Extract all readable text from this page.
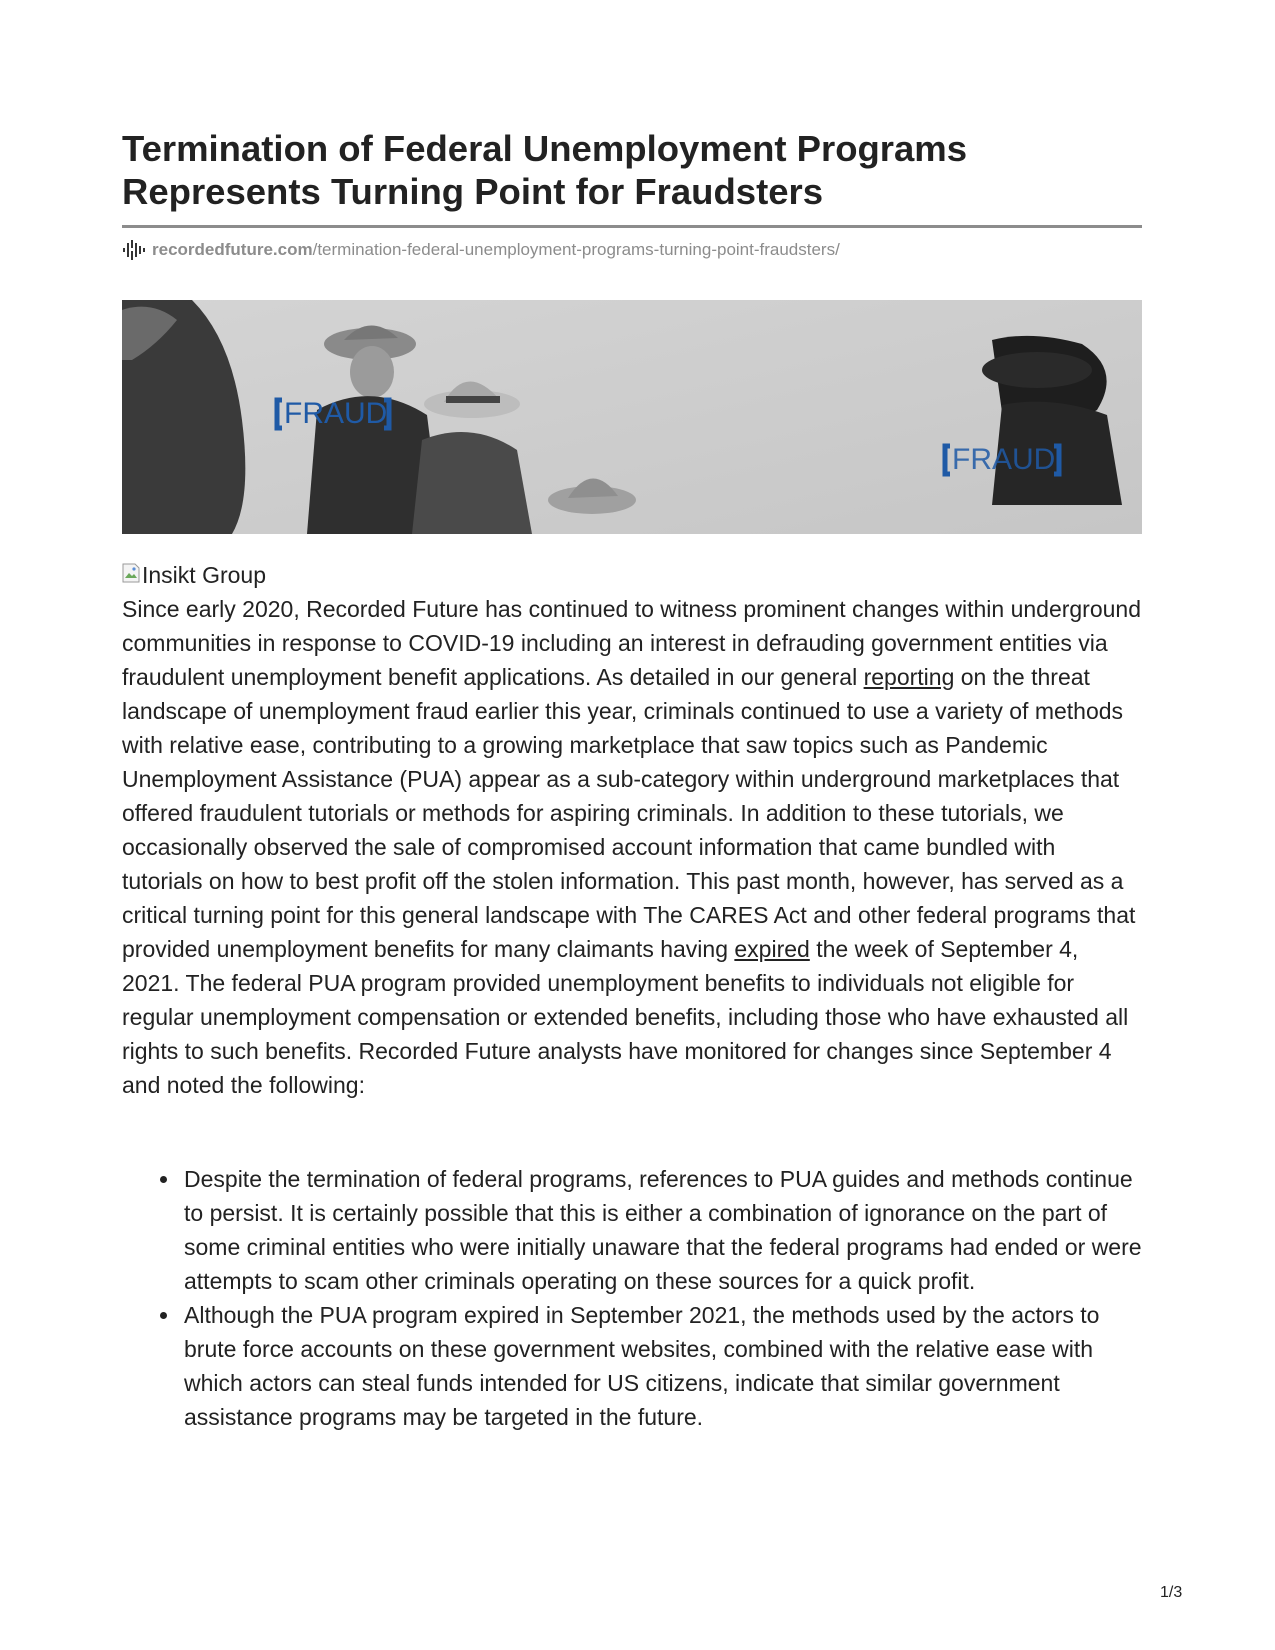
Termination of Federal Unemployment Programs Represents Turning Point for Fraudsters
recordedfuture.com /termination-federal-unemployment-programs-turning-point-fraudsters/
FRAUD
FRAUD
Insikt Group

Since early 2020, Recorded Future has continued to witness prominent changes within underground communities in response to COVID-19 including an interest in defrauding government entities via fraudulent unemployment benefit applications. As detailed in our general reporting on the threat landscape of unemployment fraud earlier this year, criminals continued to use a variety of methods with relative ease, contributing to a growing marketplace that saw topics such as Pandemic Unemployment Assistance (PUA) appear as a sub-category within underground marketplaces that offered fraudulent tutorials or methods for aspiring criminals. In addition to these tutorials, we occasionally observed the sale of compromised account information that came bundled with tutorials on how to best profit off the stolen information. This past month, however, has served as a critical turning point for this general landscape with The CARES Act and other federal programs that provided unemployment benefits for many claimants having expired the week of September 4, 2021. The federal PUA program provided unemployment benefits to individuals not eligible for regular unemployment compensation or extended benefits, including those who have exhausted all rights to such benefits. Recorded Future analysts have monitored for changes since September 4 and noted the following:

Despite the termination of federal programs, references to PUA guides and methods continue to persist. It is certainly possible that this is either a combination of ignorance on the part of some criminal entities who were initially unaware that the federal programs had ended or were attempts to scam other criminals operating on these sources for a quick profit.
Although the PUA program expired in September 2021, the methods used by the actors to brute force accounts on these government websites, combined with the relative ease with which actors can steal funds intended for US citizens, indicate that similar government assistance programs may be targeted in the future.
1/3
